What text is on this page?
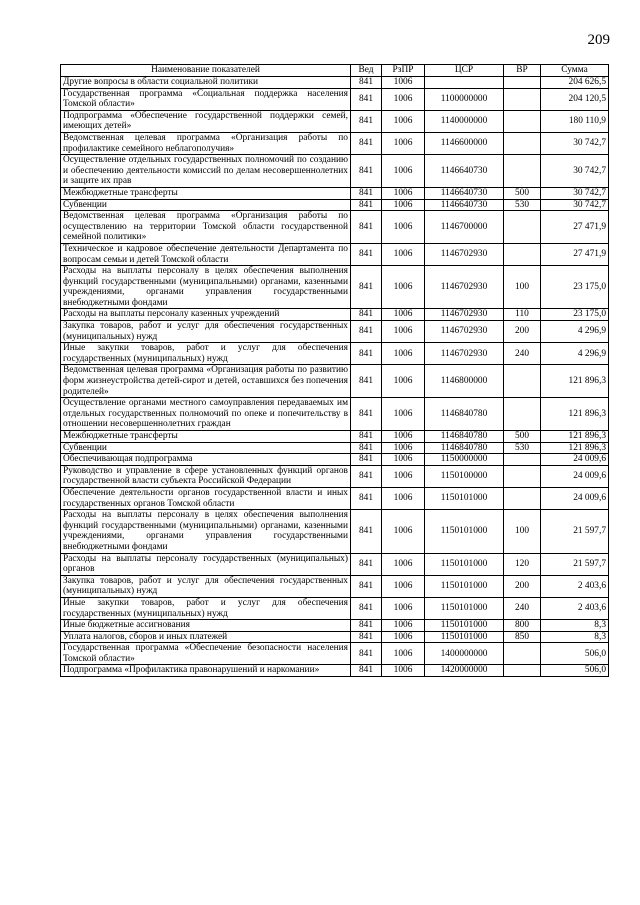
209
Наименование показателей	Вед	РзПР	ЦСР	ВР	Сумма
Другие вопросы в области социальной политики	841	1006			204 626,5
Государственная программа «Социальная поддержка населения Томской области»	841	1006	1100000000		204 120,5
Подпрограмма «Обеспечение государственной поддержки семей, имеющих детей»	841	1006	1140000000		180 110,9
Ведомственная целевая программа «Организация работы по профилактике семейного неблагополучия»	841	1006	1146600000		30 742,7
Осуществление отдельных государственных полномочий по созданию и обеспечению деятельности комиссий по делам несовершеннолетних и защите их прав	841	1006	1146640730		30 742,7
Межбюджетные трансферты	841	1006	1146640730	500	30 742,7
Субвенции	841	1006	1146640730	530	30 742,7
Ведомственная целевая программа «Организация работы по осуществлению на территории Томской области государственной семейной политики»	841	1006	1146700000		27 471,9
Техническое и кадровое обеспечение деятельности Департамента по вопросам семьи и детей Томской области	841	1006	1146702930		27 471,9
Расходы на выплаты персоналу в целях обеспечения выполнения функций государственными (муниципальными) органами, казенными учреждениями, органами управления государственными внебюджетными фондами	841	1006	1146702930	100	23 175,0
Расходы на выплаты персоналу казенных учреждений	841	1006	1146702930	110	23 175,0
Закупка товаров, работ и услуг для обеспечения государственных (муниципальных) нужд	841	1006	1146702930	200	4 296,9
Иные закупки товаров, работ и услуг для обеспечения государственных (муниципальных) нужд	841	1006	1146702930	240	4 296,9
Ведомственная целевая программа «Организация работы по развитию форм жизнеустройства детей-сирот и детей, оставшихся без попечения родителей»	841	1006	1146800000		121 896,3
Осуществление органами местного самоуправления передаваемых им отдельных государственных полномочий по опеке и попечительству в отношении несовершеннолетних граждан	841	1006	1146840780		121 896,3
Межбюджетные трансферты	841	1006	1146840780	500	121 896,3
Субвенции	841	1006	1146840780	530	121 896,3
Обеспечивающая подпрограмма	841	1006	1150000000		24 009,6
Руководство и управление в сфере установленных функций органов государственной власти субъекта Российской Федерации	841	1006	1150100000		24 009,6
Обеспечение деятельности органов государственной власти и иных государственных органов Томской области	841	1006	1150101000		24 009,6
Расходы на выплаты персоналу в целях обеспечения выполнения функций государственными (муниципальными) органами, казенными учреждениями, органами управления государственными внебюджетными фондами	841	1006	1150101000	100	21 597,7
Расходы на выплаты персоналу государственных (муниципальных) органов	841	1006	1150101000	120	21 597,7
Закупка товаров, работ и услуг для обеспечения государственных (муниципальных) нужд	841	1006	1150101000	200	2 403,6
Иные закупки товаров, работ и услуг для обеспечения государственных (муниципальных) нужд	841	1006	1150101000	240	2 403,6
Иные бюджетные ассигнования	841	1006	1150101000	800	8,3
Уплата налогов, сборов и иных платежей	841	1006	1150101000	850	8,3
Государственная программа «Обеспечение безопасности населения Томской области»	841	1006	1400000000		506,0
Подпрограмма «Профилактика правонарушений и наркомании»	841	1006	1420000000		506,0
